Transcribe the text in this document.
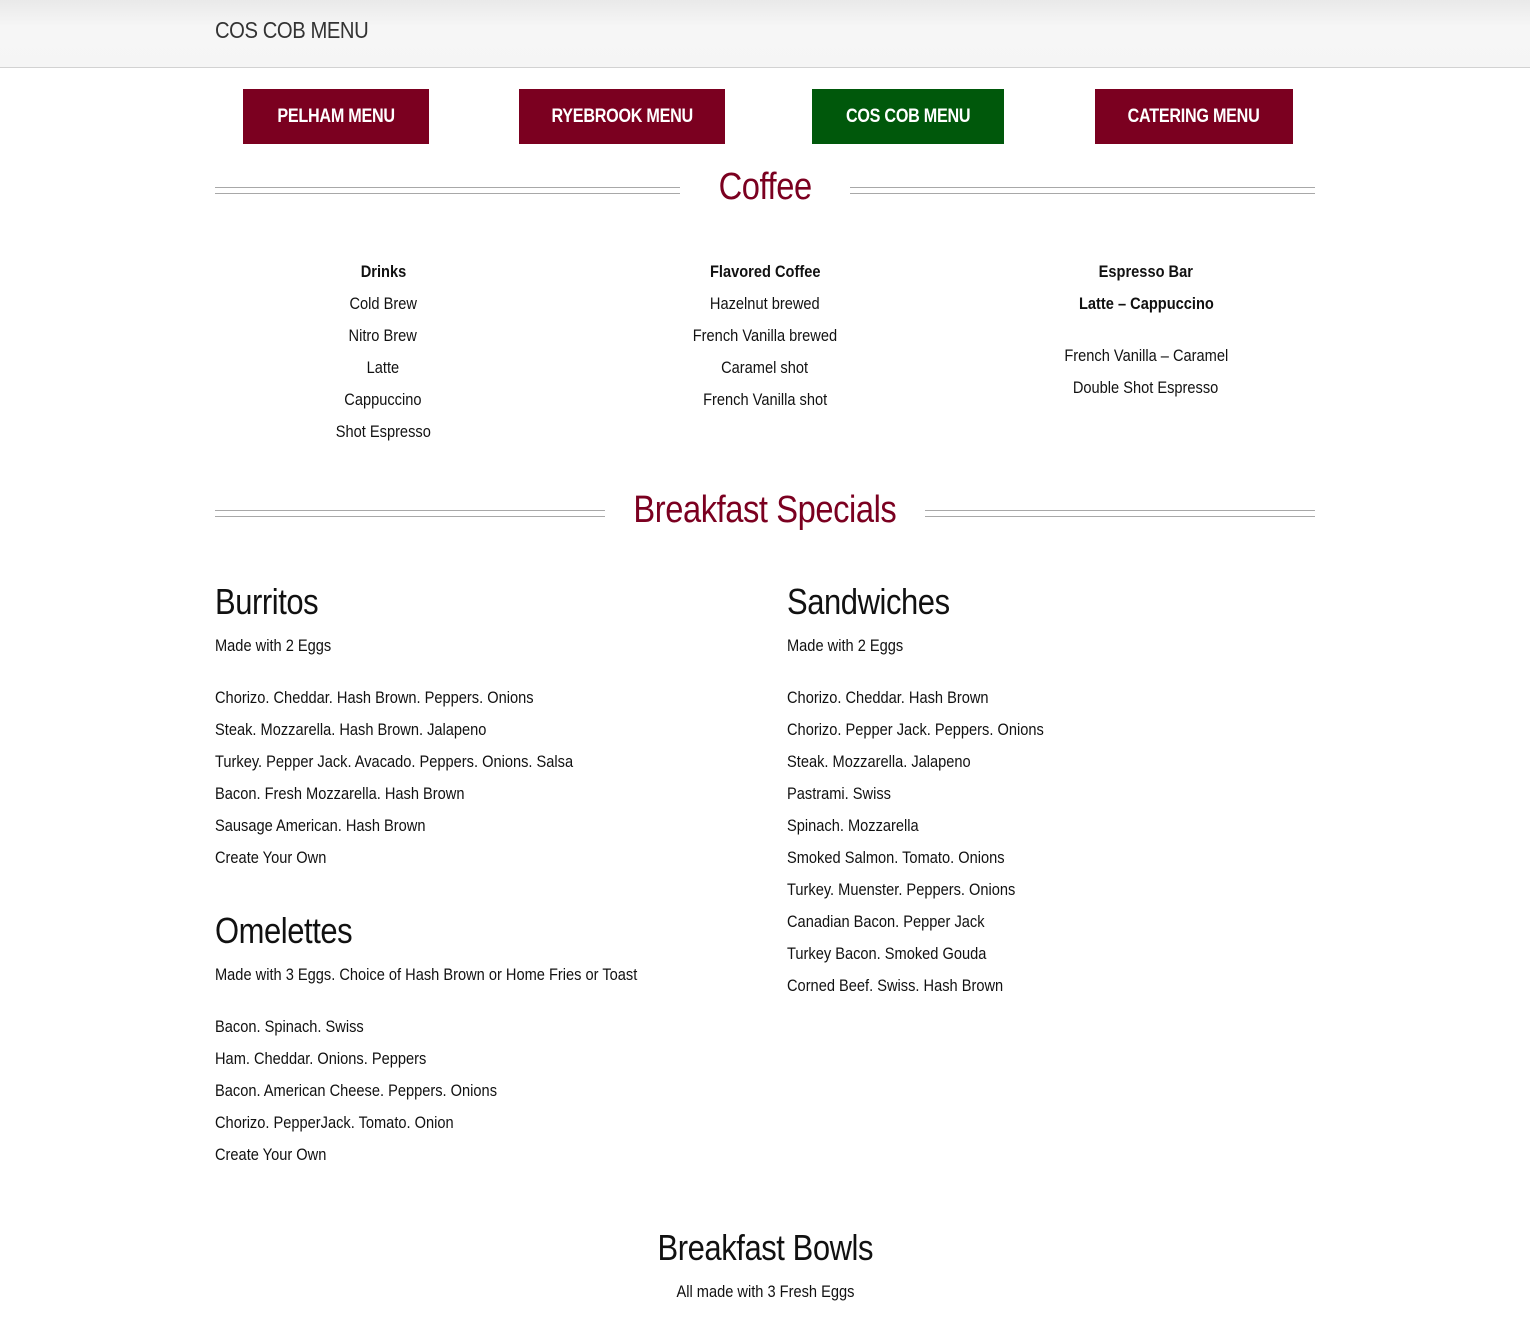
COS COB MENU
PELHAM MENU	RYEBROOK MENU	COS COB MENU	CATERING MENU
Coffee
Drinks
Cold Brew
Nitro Brew
Latte
Cappuccino
Shot Espresso
Flavored Coffee
Hazelnut brewed
French Vanilla brewed
Caramel shot
French Vanilla shot
Espresso Bar
Latte – Cappuccino
French Vanilla – Caramel
Double Shot Espresso
Breakfast Specials
Burritos
Made with 2 Eggs
Chorizo. Cheddar. Hash Brown. Peppers. Onions
Steak. Mozzarella. Hash Brown. Jalapeno
Turkey. Pepper Jack. Avacado. Peppers. Onions. Salsa
Bacon. Fresh Mozzarella. Hash Brown
Sausage American. Hash Brown
Create Your Own
Omelettes
Made with 3 Eggs. Choice of Hash Brown or Home Fries or Toast
Bacon. Spinach. Swiss
Ham. Cheddar. Onions. Peppers
Bacon. American Cheese. Peppers. Onions
Chorizo. PepperJack. Tomato. Onion
Create Your Own
Sandwiches
Made with 2 Eggs
Chorizo. Cheddar. Hash Brown
Chorizo. Pepper Jack. Peppers. Onions
Steak. Mozzarella. Jalapeno
Pastrami. Swiss
Spinach. Mozzarella
Smoked Salmon. Tomato. Onions
Turkey. Muenster. Peppers. Onions
Canadian Bacon. Pepper Jack
Turkey Bacon. Smoked Gouda
Corned Beef. Swiss. Hash Brown
Breakfast Bowls
All made with 3 Fresh Eggs
